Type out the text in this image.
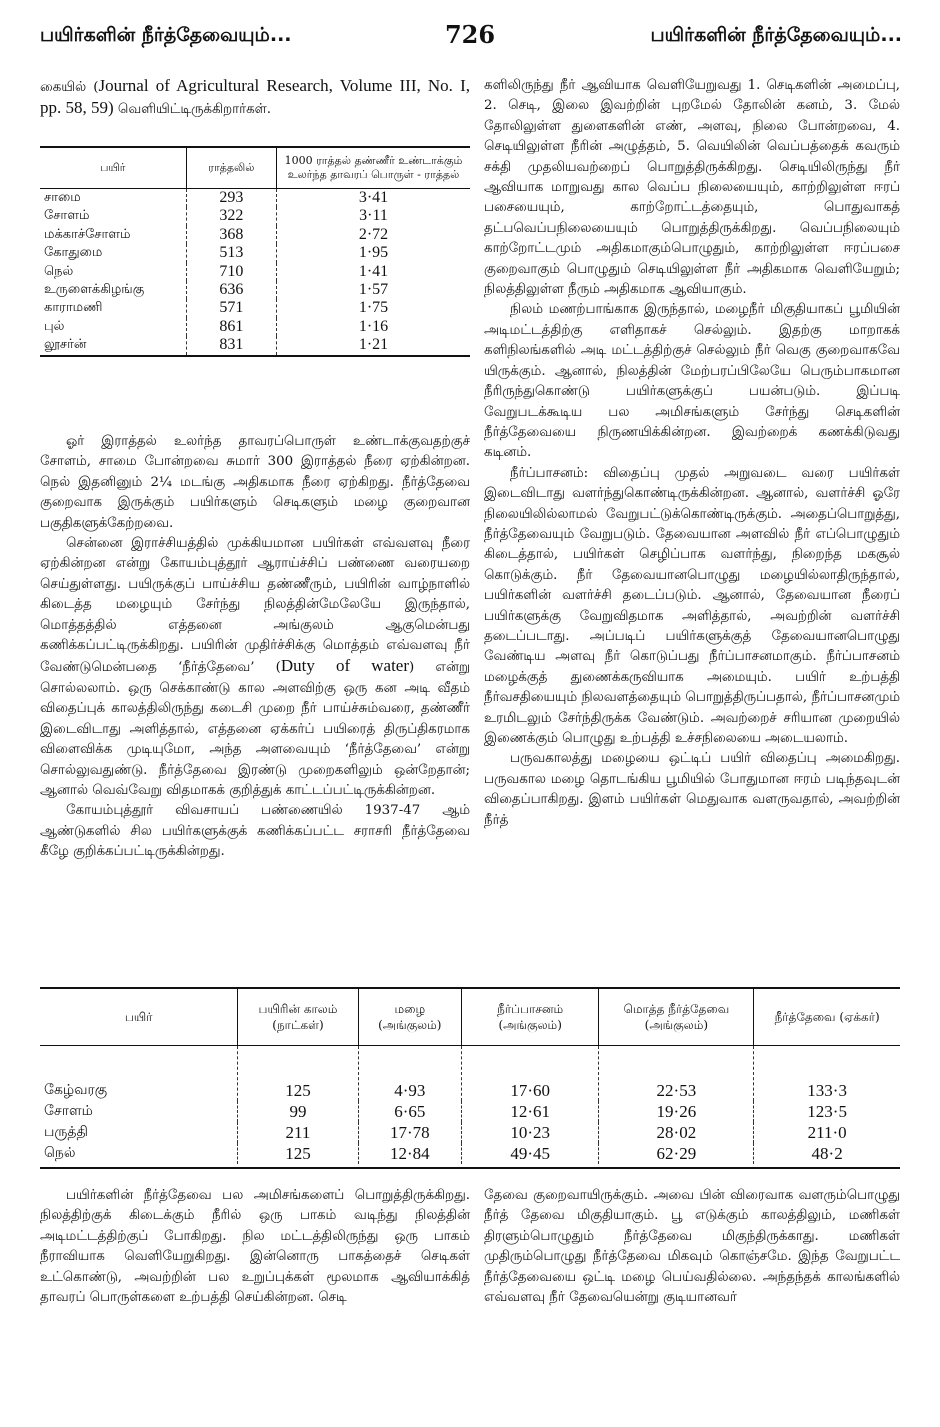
பயிர்களின் நீர்த்தேவையும்...	726	பயிர்களின் நீர்த்தேவையும்...

கையில் (Journal of Agricultural Research, Volume III, No. I, pp. 58, 59) வெளியிட்டிருக்கிறார்கள்.

பயிர்	ராத்தலில்	1000 ராத்தல் தண்ணீர் உண்டாக்கும் உலர்ந்த தாவரப் பொருள் - ராத்தல்
சாமை	293	3·41
சோளம்	322	3·11
மக்காச்சோளம்	368	2·72
கோதுமை	513	1·95
நெல்	710	1·41
உருளைக்கிழங்கு	636	1·57
காராமணி	571	1·75
புல்	861	1·16
லூசர்ன்	831	1·21

ஓர் இராத்தல் உலர்ந்த தாவரப்பொருள் உண்டாக்குவதற்குச் சோளம், சாமை போன்றவை சுமார் 300 இராத்தல் நீரை ஏற்கின்றன. நெல் இதனினும் 2¼ மடங்கு அதிகமாக நீரை ஏற்கிறது. நீர்த்தேவை குறைவாக இருக்கும் பயிர்களும் செடிகளும் மழை குறைவான பகுதிகளுக்கேற்றவை.

சென்னை இராச்சியத்தில் முக்கியமான பயிர்கள் எவ்வளவு நீரை ஏற்கின்றன என்று கோயம்புத்தூர் ஆராய்ச்சிப் பண்ணை வரையறை செய்துள்ளது. பயிருக்குப் பாய்ச்சிய தண்ணீரும், பயிரின் வாழ்நாளில் கிடைத்த மழையும் சேர்ந்து நிலத்தின்மேலேயே இருந்தால், மொத்தத்தில் எத்தனை அங்குலம் ஆகுமென்பது கணிக்கப்பட்டிருக்கிறது. பயிரின் முதிர்ச்சிக்கு மொத்தம் எவ்வளவு நீர் வேண்டுமென்பதை ‘நீர்த்தேவை’ (Duty of water) என்று சொல்லலாம். ஒரு செக்காண்டு கால அளவிற்கு ஒரு கன அடி வீதம் விதைப்புக் காலத்திலிருந்து கடைசி முறை நீர் பாய்ச்சும்வரை, தண்ணீர் இடைவிடாது அளித்தால், எத்தனை ஏக்கர்ப் பயிரைத் திருப்திகரமாக விளைவிக்க முடியுமோ, அந்த அளவையும் ‘நீர்த்தேவை’ என்று சொல்லுவதுண்டு. நீர்த்தேவை இரண்டு முறைகளிலும் ஒன்றேதான்; ஆனால் வெவ்வேறு விதமாகக் குறித்துக் காட்டப்பட்டிருக்கின்றன.

கோயம்புத்தூர் விவசாயப் பண்ணையில் 1937-47 ஆம் ஆண்டுகளில் சில பயிர்களுக்குக் கணிக்கப்பட்ட சராசரி நீர்த்தேவை கீழே குறிக்கப்பட்டிருக்கின்றது.

களிலிருந்து நீர் ஆவியாக வெளியேறுவது 1. செடிகளின் அமைப்பு, 2. செடி, இலை இவற்றின் புறமேல் தோலின் கனம், 3. மேல் தோலிலுள்ள துளைகளின் எண், அளவு, நிலை போன்றவை, 4. செடியிலுள்ள நீரின் அழுத்தம், 5. வெயிலின் வெப்பத்தைக் கவரும் சக்தி முதலியவற்றைப் பொறுத்திருக்கிறது. செடியிலிருந்து நீர் ஆவியாக மாறுவது கால வெப்ப நிலையையும், காற்றிலுள்ள ஈரப் பசையையும், காற்றோட்டத்தையும், பொதுவாகத் தட்பவெப்பநிலையையும் பொறுத்திருக்கிறது. வெப்பநிலையும் காற்றோட்டமும் அதிகமாகும்பொழுதும், காற்றிலுள்ள ஈரப்பசை குறைவாகும் பொழுதும் செடியிலுள்ள நீர் அதிகமாக வெளியேறும்; நிலத்திலுள்ள நீரும் அதிகமாக ஆவியாகும்.

நிலம் மணற்பாங்காக இருந்தால், மழைநீர் மிகுதியாகப் பூமியின் அடிமட்டத்திற்கு எளிதாகச் செல்லும். இதற்கு மாறாகக் களிநிலங்களில் அடி மட்டத்திற்குச் செல்லும் நீர் வெகு குறைவாகவே யிருக்கும். ஆனால், நிலத்தின் மேற்பரப்பிலேயே பெரும்பாகமான நீரிருந்துகொண்டு பயிர்களுக்குப் பயன்படும். இப்படி வேறுபடக்கூடிய பல அமிசங்களும் சேர்ந்து செடிகளின் நீர்த்தேவையை நிருணயிக்கின்றன. இவற்றைக் கணக்கிடுவது கடினம்.

நீர்ப்பாசனம்: விதைப்பு முதல் அறுவடை வரை பயிர்கள் இடைவிடாது வளர்ந்துகொண்டிருக்கின்றன. ஆனால், வளர்ச்சி ஓரே நிலையிலில்லாமல் வேறுபட்டுக்கொண்டிருக்கும். அதைப்பொறுத்து, நீர்த்தேவையும் வேறுபடும். தேவையான அளவில் நீர் எப்பொழுதும் கிடைத்தால், பயிர்கள் செழிப்பாக வளர்ந்து, நிறைந்த மகசூல் கொடுக்கும். நீர் தேவையானபொழுது மழையில்லாதிருந்தால், பயிர்களின் வளர்ச்சி தடைப்படும். ஆனால், தேவையான நீரைப் பயிர்களுக்கு வேறுவிதமாக அளித்தால், அவற்றின் வளர்ச்சி தடைப்படாது. அப்படிப் பயிர்களுக்குத் தேவையானபொழுது வேண்டிய அளவு நீர் கொடுப்பது நீர்ப்பாசனமாகும். நீர்ப்பாசனம் மழைக்குத் துணைக்கருவியாக அமையும். பயிர் உற்பத்தி நீர்வசதியையும் நிலவளத்தையும் பொறுத்திருப்பதால், நீர்ப்பாசனமும் உரமிடலும் சேர்ந்திருக்க வேண்டும். அவற்றைச் சரியான முறையில் இணைக்கும் பொழுது உற்பத்தி உச்சநிலையை அடையலாம்.

பருவகாலத்து மழையை ஒட்டிப் பயிர் விதைப்பு அமைகிறது. பருவகால மழை தொடங்கிய பூமியில் போதுமான ஈரம் படிந்தவுடன் விதைப்பாகிறது. இளம் பயிர்கள் மெதுவாக வளருவதால், அவற்றின் நீர்த்

பயிர்	பயிரின் காலம் (நாட்கள்)	மழை (அங்குலம்)	நீர்ப்பாசனம் (அங்குலம்)	மொத்த நீர்த்தேவை (அங்குலம்)	நீர்த்தேவை (ஏக்கர்)
கேழ்வரகு	125	4·93	17·60	22·53	133·3
சோளம்	99	6·65	12·61	19·26	123·5
பருத்தி	211	17·78	10·23	28·02	211·0
நெல்	125	12·84	49·45	62·29	48·2

பயிர்களின் நீர்த்தேவை பல அமிசங்களைப் பொறுத்திருக்கிறது. நிலத்திற்குக் கிடைக்கும் நீரில் ஒரு பாகம் வடிந்து நிலத்தின் அடிமட்டத்திற்குப் போகிறது. நில மட்டத்திலிருந்து ஒரு பாகம் நீராவியாக வெளியேறுகிறது. இன்னொரு பாகத்தைச் செடிகள் உட்கொண்டு, அவற்றின் பல உறுப்புக்கள் மூலமாக ஆவியாக்கித் தாவரப் பொருள்களை உற்பத்தி செய்கின்றன. செடி

தேவை குறைவாயிருக்கும். அவை பின் விரைவாக வளரும்பொழுது நீர்த் தேவை மிகுதியாகும். பூ எடுக்கும் காலத்திலும், மணிகள் திரளும்பொழுதும் நீர்த்தேவை மிகுந்திருக்காது. மணிகள் முதிரும்பொழுது நீர்த்தேவை மிகவும் கொஞ்சமே. இந்த வேறுபட்ட நீர்த்தேவையை ஒட்டி மழை பெய்வதில்லை. அந்தந்தக் காலங்களில் எவ்வளவு நீர் தேவையென்று குடியானவர்
